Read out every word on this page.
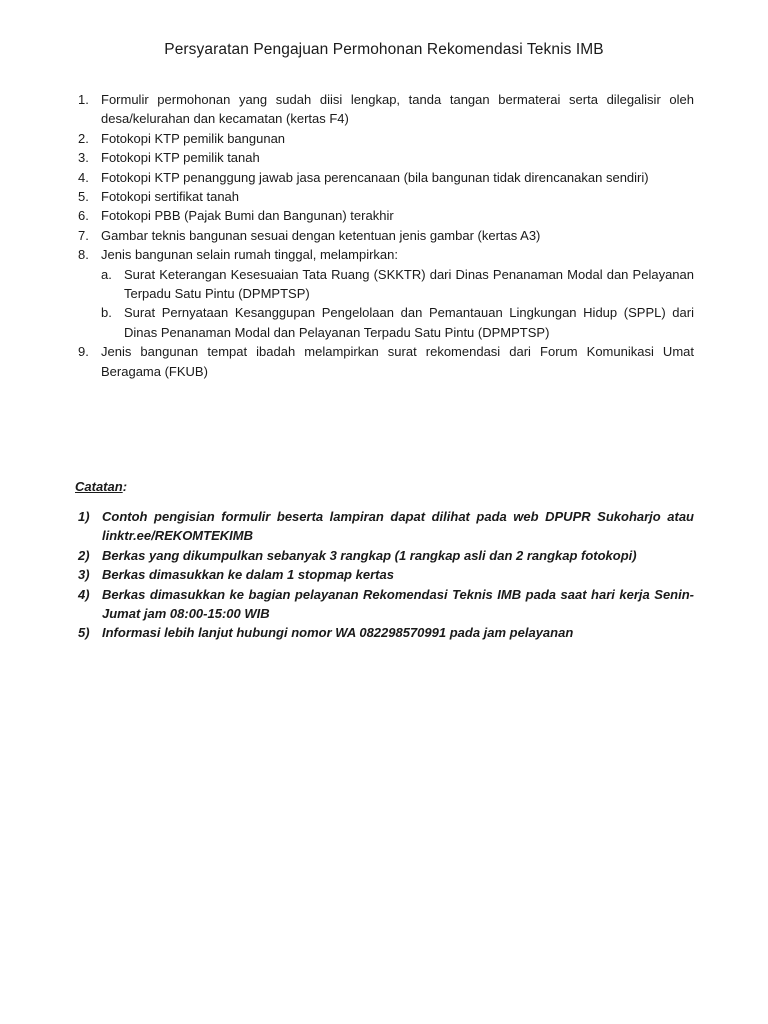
Persyaratan Pengajuan Permohonan Rekomendasi Teknis IMB
1. Formulir permohonan yang sudah diisi lengkap, tanda tangan bermaterai serta dilegalisir oleh desa/kelurahan dan kecamatan (kertas F4)
2. Fotokopi KTP pemilik bangunan
3. Fotokopi KTP pemilik tanah
4. Fotokopi KTP penanggung jawab jasa perencanaan (bila bangunan tidak direncanakan sendiri)
5. Fotokopi sertifikat tanah
6. Fotokopi PBB (Pajak Bumi dan Bangunan) terakhir
7. Gambar teknis bangunan sesuai dengan ketentuan jenis gambar (kertas A3)
8. Jenis bangunan selain rumah tinggal, melampirkan:
a. Surat Keterangan Kesesuaian Tata Ruang (SKKTR) dari Dinas Penanaman Modal dan Pelayanan Terpadu Satu Pintu (DPMPTSP)
b. Surat Pernyataan Kesanggupan Pengelolaan dan Pemantauan Lingkungan Hidup (SPPL) dari Dinas Penanaman Modal dan Pelayanan Terpadu Satu Pintu (DPMPTSP)
9. Jenis bangunan tempat ibadah melampirkan surat rekomendasi dari Forum Komunikasi Umat Beragama (FKUB)
Catatan:
1) Contoh pengisian formulir beserta lampiran dapat dilihat pada web DPUPR Sukoharjo atau linktr.ee/REKOMTEKIMB
2) Berkas yang dikumpulkan sebanyak 3 rangkap (1 rangkap asli dan 2 rangkap fotokopi)
3) Berkas dimasukkan ke dalam 1 stopmap kertas
4) Berkas dimasukkan ke bagian pelayanan Rekomendasi Teknis IMB pada saat hari kerja Senin-Jumat jam 08:00-15:00 WIB
5) Informasi lebih lanjut hubungi nomor WA 082298570991 pada jam pelayanan
